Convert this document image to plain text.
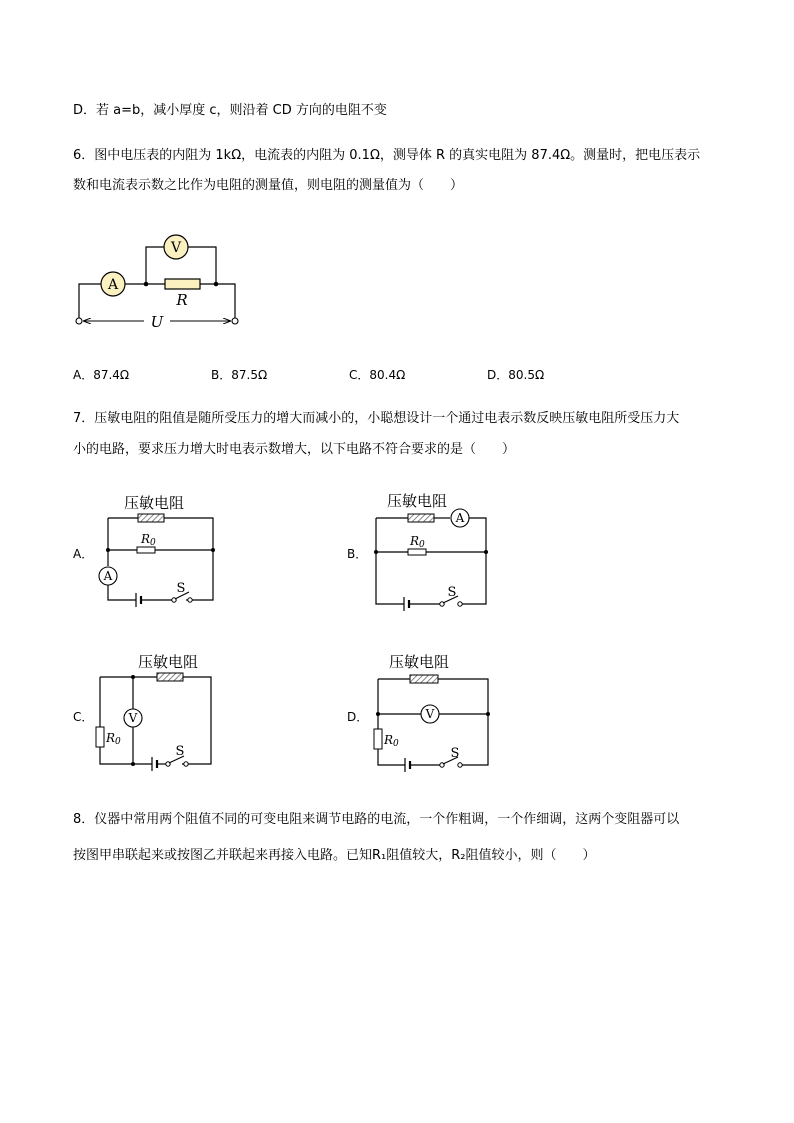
D．若 a=b，减小厚度 c，则沿着 CD 方向的电阻不变
6．图中电压表的内阻为 1kΩ，电流表的内阻为 0.1Ω，测导体 R 的真实电阻为 87.4Ω。测量时，把电压表示
数和电流表示数之比作为电阻的测量值，则电阻的测量值为（　　）
A
V
R
U
压敏电阻
A
S
R0
压敏电阻
A
S
R0
压敏电阻
R0
S
V
压敏电阻
R0
S
V
A．87.4Ω	B．87.5Ω	C．80.4Ω	D．80.5Ω
7．压敏电阻的阻值是随所受压力的增大而减小的，小聪想设计一个通过电表示数反映压敏电阻所受压力大
小的电路，要求压力增大时电表示数增大，以下电路不符合要求的是（　　）
A．	B．
C．	D．
8．仪器中常用两个阻值不同的可变电阻来调节电路的电流，一个作粗调，一个作细调，这两个变阻器可以
按图甲串联起来或按图乙并联起来再接入电路。已知R₁阻值较大，R₂阻值较小，则（　　）
